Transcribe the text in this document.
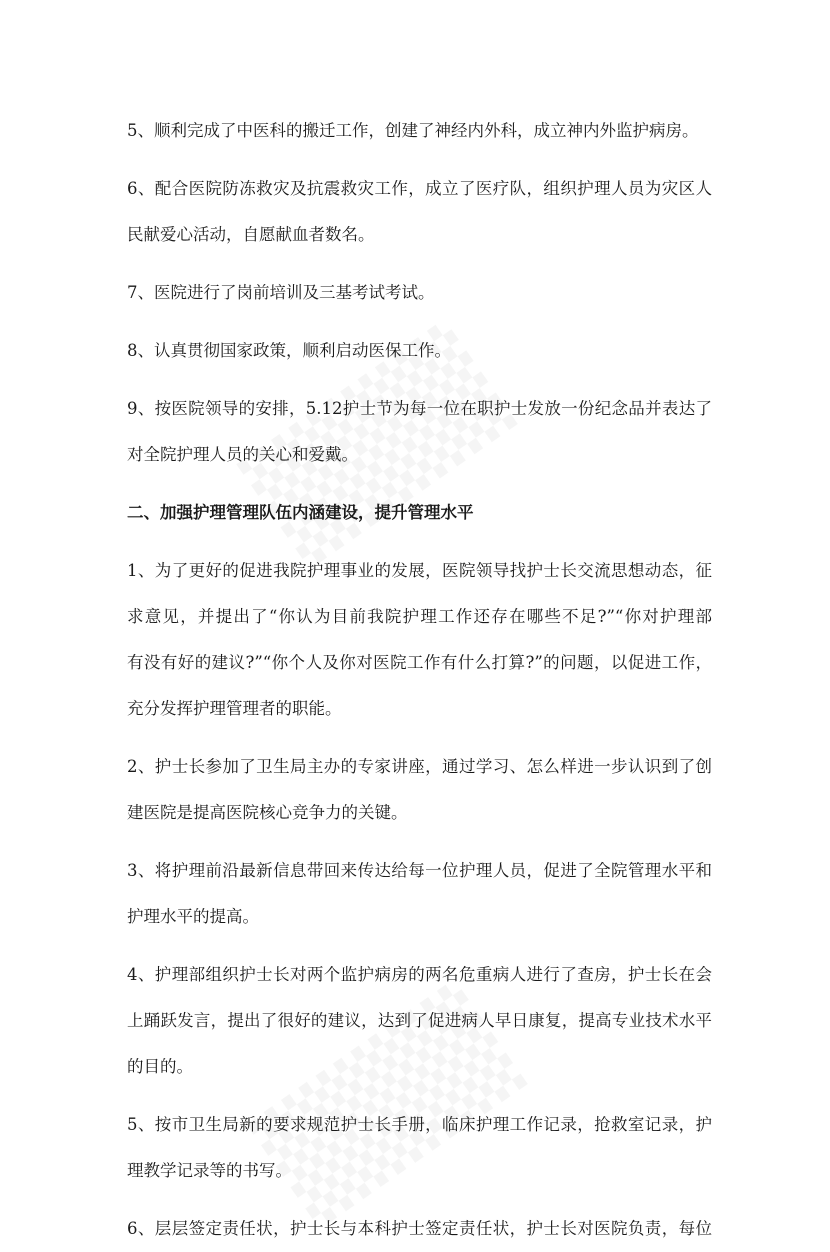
5、顺利完成了中医科的搬迁工作，创建了神经内外科，成立神内外监护病房。
6、配合医院防冻救灾及抗震救灾工作，成立了医疗队，组织护理人员为灾区人
民献爱心活动，自愿献血者数名。
7、医院进行了岗前培训及三基考试考试。
8、认真贯彻国家政策，顺利启动医保工作。
9、按医院领导的安排，5.12护士节为每一位在职护士发放一份纪念品并表达了
对全院护理人员的关心和爱戴。
二、加强护理管理队伍内涵建设，提升管理水平
1、为了更好的促进我院护理事业的发展，医院领导找护士长交流思想动态，征
求意见，并提出了“你认为目前我院护理工作还存在哪些不足?”“你对护理部
有没有好的建议?”“你个人及你对医院工作有什么打算?”的问题，以促进工作，
充分发挥护理管理者的职能。
2、护士长参加了卫生局主办的专家讲座，通过学习、怎么样进一步认识到了创
建医院是提高医院核心竞争力的关键。
3、将护理前沿最新信息带回来传达给每一位护理人员，促进了全院管理水平和
护理水平的提高。
4、护理部组织护士长对两个监护病房的两名危重病人进行了查房，护士长在会
上踊跃发言，提出了很好的建议，达到了促进病人早日康复，提高专业技术水平
的目的。
5、按市卫生局新的要求规范护士长手册，临床护理工作记录，抢救室记录，护
理教学记录等的书写。
6、层层签定责任状，护士长与本科护士签定责任状，护士长对医院负责，每位
